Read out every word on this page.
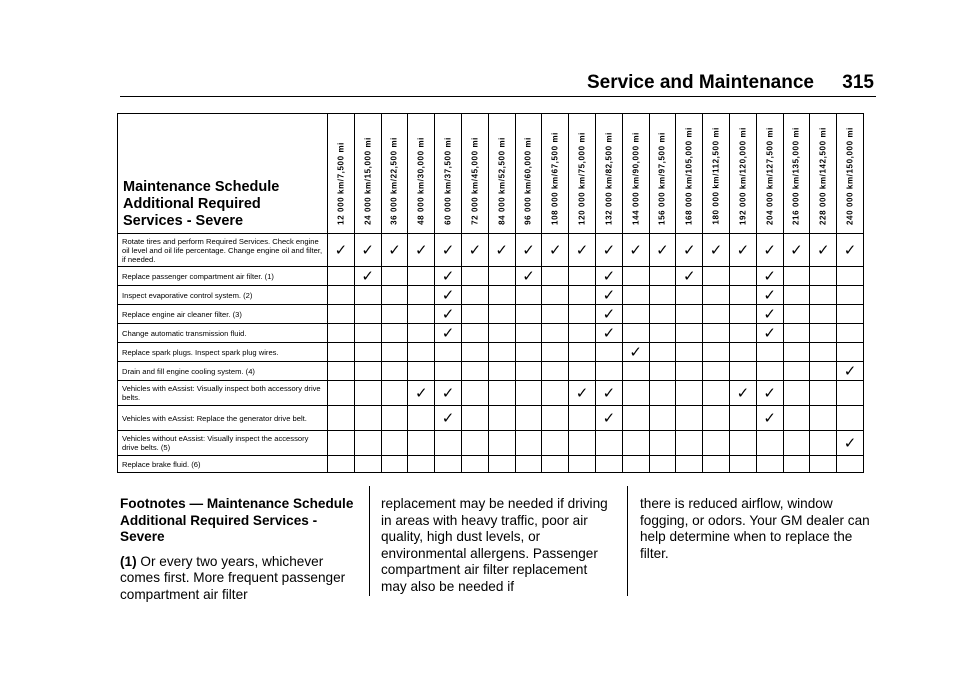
Service and Maintenance 315
Maintenance Schedule Additional Required Services - Severe	12 000 km/7,500 mi	24 000 km/15,000 mi	36 000 km/22,500 mi	48 000 km/30,000 mi	60 000 km/37,500 mi	72 000 km/45,000 mi	84 000 km/52,500 mi	96 000 km/60,000 mi	108 000 km/67,500 mi	120 000 km/75,000 mi	132 000 km/82,500 mi	144 000 km/90,000 mi	156 000 km/97,500 mi	168 000 km/105,000 mi	180 000 km/112,500 mi	192 000 km/120,000 mi	204 000 km/127,500 mi	216 000 km/135,000 mi	228 000 km/142,500 mi	240 000 km/150,000 mi

Rotate tires and perform Required Services. Check engine oil level and oil life percentage. Change engine oil and filter, if needed.	✓	✓	✓	✓	✓	✓	✓	✓	✓	✓	✓	✓	✓	✓	✓	✓	✓	✓	✓	✓
Replace passenger compartment air filter. (1)		✓			✓			✓			✓			✓			✓			
Inspect evaporative control system. (2)					✓						✓						✓			
Replace engine air cleaner filter. (3)					✓						✓						✓			
Change automatic transmission fluid.					✓						✓						✓			
Replace spark plugs. Inspect spark plug wires.												✓								
Drain and fill engine cooling system. (4)																				✓
Vehicles with eAssist: Visually inspect both accessory drive belts.				✓	✓					✓	✓					✓	✓			
Vehicles with eAssist: Replace the generator drive belt.					✓						✓						✓			
Vehicles without eAssist: Visually inspect the accessory drive belts. (5)																				✓
Replace brake fluid. (6)																				
Footnotes — Maintenance Schedule Additional Required Services - Severe
(1) Or every two years, whichever comes first. More frequent passenger compartment air filter
replacement may be needed if driving in areas with heavy traffic, poor air quality, high dust levels, or environmental allergens. Passenger compartment air filter replacement may also be needed if
there is reduced airflow, window fogging, or odors. Your GM dealer can help determine when to replace the filter.
